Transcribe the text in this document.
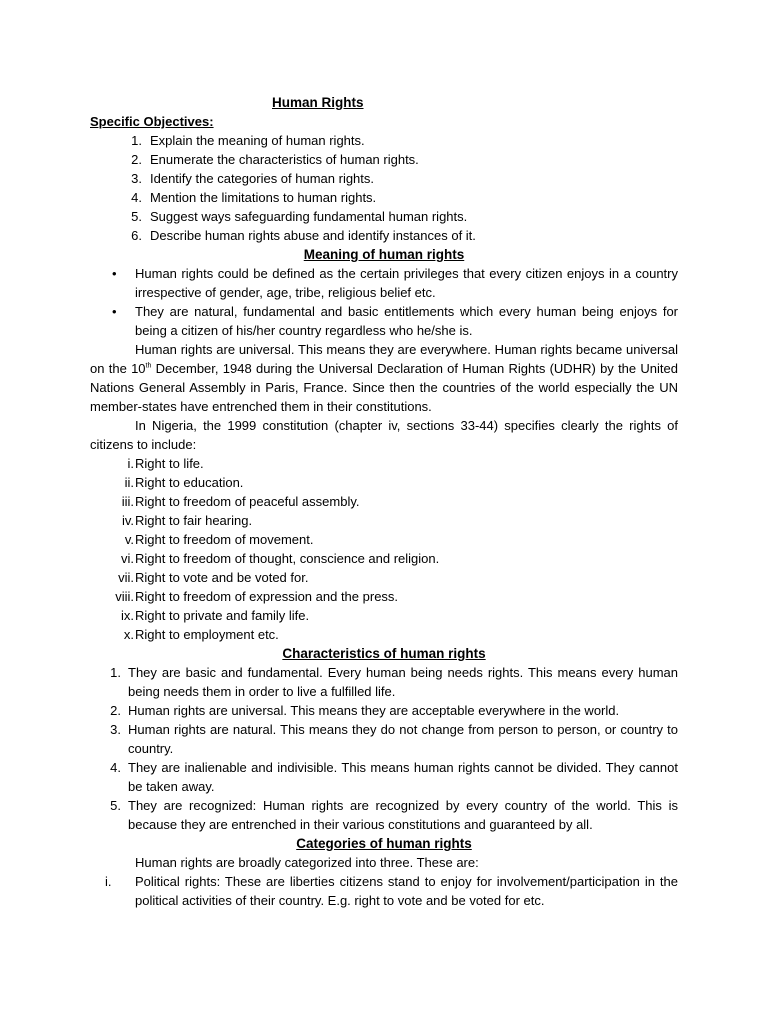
Human Rights
Specific Objectives:
1. Explain the meaning of human rights.
2. Enumerate the characteristics of human rights.
3. Identify the categories of human rights.
4. Mention the limitations to human rights.
5. Suggest ways safeguarding fundamental human rights.
6. Describe human rights abuse and identify instances of it.
Meaning of human rights
•	Human rights could be defined as the certain privileges that every citizen enjoys in a country irrespective of gender, age, tribe, religious belief etc.
•	They are natural, fundamental and basic entitlements which every human being enjoys for being a citizen of his/her country regardless who he/she is.

Human rights are universal. This means they are everywhere. Human rights became universal on the 10th December, 1948 during the Universal Declaration of Human Rights (UDHR) by the United Nations General Assembly in Paris, France. Since then the countries of the world especially the UN member-states have entrenched them in their constitutions.

In Nigeria, the 1999 constitution (chapter iv, sections 33-44) specifies clearly the rights of citizens to include:

i. Right to life.
ii. Right to education.
iii. Right to freedom of peaceful assembly.
iv. Right to fair hearing.
v. Right to freedom of movement.
vi. Right to freedom of thought, conscience and religion.
vii. Right to vote and be voted for.
viii. Right to freedom of expression and the press.
ix. Right to private and family life.
x. Right to employment etc.
Characteristics of human rights
1. They are basic and fundamental. Every human being needs rights. This means every human being needs them in order to live a fulfilled life.
2. Human rights are universal. This means they are acceptable everywhere in the world.
3. Human rights are natural. This means they do not change from person to person, or country to country.
4. They are inalienable and indivisible. This means human rights cannot be divided. They cannot be taken away.
5. They are recognized: Human rights are recognized by every country of the world. This is because they are entrenched in their various constitutions and guaranteed by all.
Categories of human rights
Human rights are broadly categorized into three. These are:
i.	Political rights: These are liberties citizens stand to enjoy for involvement/participation in the political activities of their country. E.g. right to vote and be voted for etc.
